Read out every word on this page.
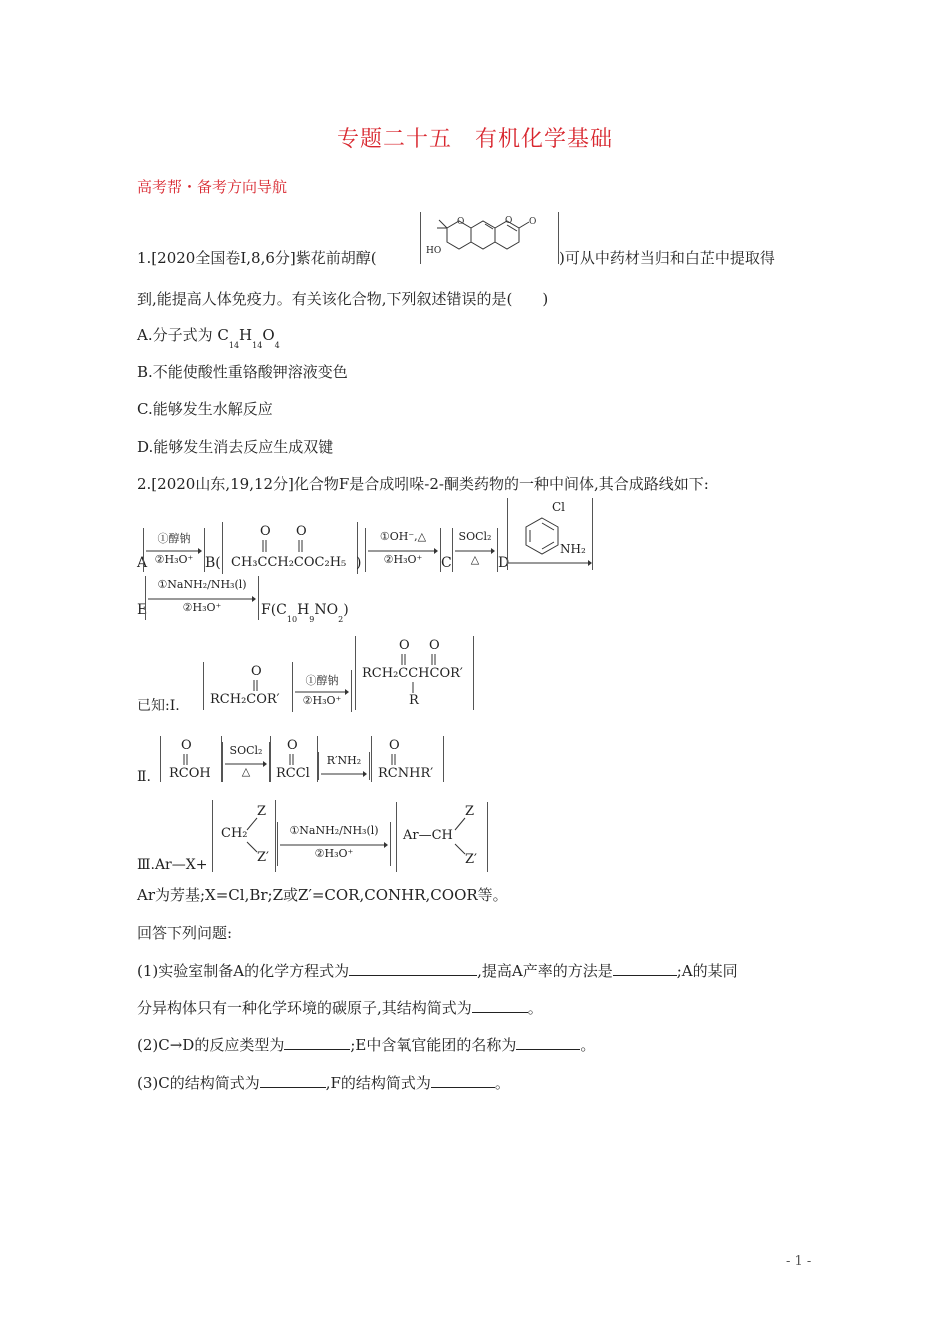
专题二十五　有机化学基础
高考帮・备考方向导航
1.[2020全国卷Ⅰ,8,6分]紫花前胡醇(
O	O O
HO	)可从中药材当归和白芷中提取得
到,能提高人体免疫力。有关该化合物,下列叙述错误的是(　　)
A.分子式为 $C_{14}H_{14}O_4$
B.不能使酸性重铬酸钾溶液变色
C.能够发生水解反应
D.能够发生消去反应生成双键
2.[2020山东,19,12分]化合物F是合成吲哚-2-酮类药物的一种中间体,其合成路线如下:
A
①醇钠
②H₃O⁺ B(
O O
CH₃CCH₂COC₂H₅ )
①OH⁻,△
②H₃O⁺	C
SOCl₂
△	D
Cl
NH₂
E
①NaNH₂/NH₃(l)
②H₃O⁺	$F(C_{10}H_9NO_2)$
已知:Ⅰ.
O
RCH₂COR′
①醇钠
②H₃O⁺
O O
RCH₂CCHCOR′
R
Ⅱ.
O
RCOH
SOCl₂
△
O
RCCl
R′NH₂
O
RCNHR′
Ⅲ.Ar—X+
Z
CH₂
Z′
①NaNH₂/NH₃(l)
②H₃O⁺
Z
Ar—CH
Z′
Ar为芳基;X=Cl,Br;Z或Z′=COR,CONHR,COOR等。
回答下列问题:
(1)实验室制备A的化学方程式为	,提高A产率的方法是	;A的某同
分异构体只有一种化学环境的碳原子,其结构简式为	。
(2)C→D的反应类型为	;E中含氧官能团的名称为	。
(3)C的结构简式为	,F的结构简式为	。
- 1 -
